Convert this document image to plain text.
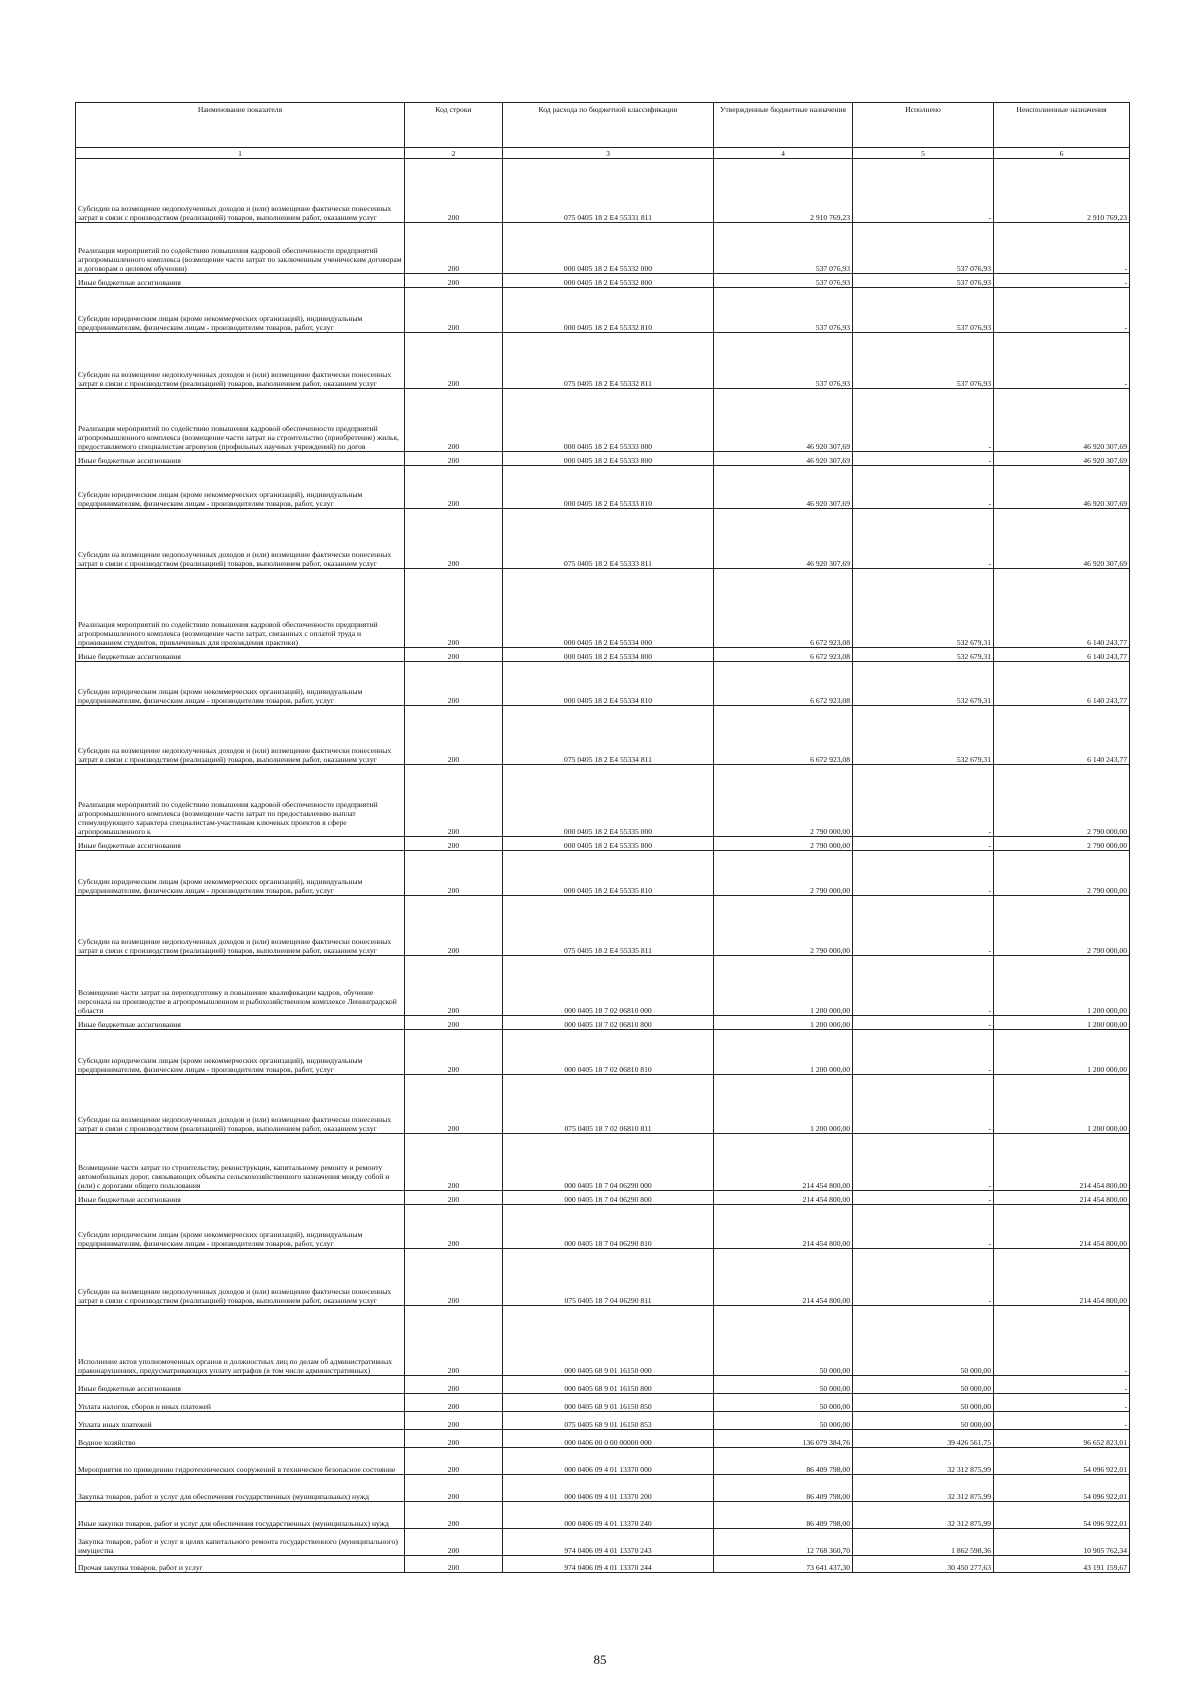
Наименование показателя	Код строки	Код расхода по бюджетной классификации	Утвержденные бюджетные назначения	Исполнено	Неисполненные назначения
1	2	3	4	5	6

Субсидии на возмещение недополученных доходов и (или) возмещение фактически понесенных затрат в связи с производством (реализацией) товаров, выполнением работ, оказанием услуг	200	075 0405 18 2 E4 55331 811	2 910 769,23	-	2 910 769,23

Реализация мероприятий по содействию повышения кадровой обеспеченности предприятий агропромышленного комплекса (возмещение части затрат по заключенным ученическим договорам и договорам о целевом обучении)	200	000 0405 18 2 E4 55332 000	537 076,93	537 076,93	-

Иные бюджетные ассигнования	200	000 0405 18 2 E4 55332 800	537 076,93	537 076,93	-

Субсидии юридическим лицам (кроме некоммерческих организаций), индивидуальным предпринимателям, физическим лицам - производителям товаров, работ, услуг	200	000 0405 18 2 E4 55332 810	537 076,93	537 076,93	-

Субсидии на возмещение недополученных доходов и (или) возмещение фактически понесенных затрат в связи с производством (реализацией) товаров, выполнением работ, оказанием услуг	200	075 0405 18 2 E4 55332 811	537 076,93	537 076,93	-

Реализация мероприятий по содействию повышения кадровой обеспеченности предприятий агропромышленного комплекса (возмещение части затрат на строительство (приобретение) жилья, предоставляемого специалистам агровузов (профильных научных учреждений) по догов	200	000 0405 18 2 E4 55333 000	46 920 307,69	-	46 920 307,69

Иные бюджетные ассигнования	200	000 0405 18 2 E4 55333 800	46 920 307,69	-	46 920 307,69

Субсидии юридическим лицам (кроме некоммерческих организаций), индивидуальным предпринимателям, физическим лицам - производителям товаров, работ, услуг	200	000 0405 18 2 E4 55333 810	46 920 307,69	-	46 920 307,69

Субсидии на возмещение недополученных доходов и (или) возмещение фактически понесенных затрат в связи с производством (реализацией) товаров, выполнением работ, оказанием услуг	200	075 0405 18 2 E4 55333 811	46 920 307,69	-	46 920 307,69

Реализация мероприятий по содействию повышения кадровой обеспеченности предприятий агропромышленного комплекса (возмещение части затрат, связанных с оплатой труда и проживанием студентов, привлеченных для прохождения практики)	200	000 0405 18 2 E4 55334 000	6 672 923,08	532 679,31	6 140 243,77

Иные бюджетные ассигнования	200	000 0405 18 2 E4 55334 800	6 672 923,08	532 679,31	6 140 243,77

Субсидии юридическим лицам (кроме некоммерческих организаций), индивидуальным предпринимателям, физическим лицам - производителям товаров, работ, услуг	200	000 0405 18 2 E4 55334 810	6 672 923,08	532 679,31	6 140 243,77

Субсидии на возмещение недополученных доходов и (или) возмещение фактически понесенных затрат в связи с производством (реализацией) товаров, выполнением работ, оказанием услуг	200	075 0405 18 2 E4 55334 811	6 672 923,08	532 679,31	6 140 243,77

Реализация мероприятий по содействию повышения кадровой обеспеченности предприятий агропромышленного комплекса (возмещение части затрат по предоставлению выплат стимулирующего характера специалистам-участникам ключевых проектов в сфере агропромышленного к	200	000 0405 18 2 E4 55335 000	2 790 000,00	-	2 790 000,00

Иные бюджетные ассигнования	200	000 0405 18 2 E4 55335 800	2 790 000,00	-	2 790 000,00

Субсидии юридическим лицам (кроме некоммерческих организаций), индивидуальным предпринимателям, физическим лицам - производителям товаров, работ, услуг	200	000 0405 18 2 E4 55335 810	2 790 000,00	-	2 790 000,00

Субсидии на возмещение недополученных доходов и (или) возмещение фактически понесенных затрат в связи с производством (реализацией) товаров, выполнением работ, оказанием услуг	200	075 0405 18 2 E4 55335 811	2 790 000,00	-	2 790 000,00

Возмещение части затрат на переподготовку и повышение квалификации кадров, обучение персонала на производстве в агропромышленном и рыбохозяйственном комплексе Ленинградской области	200	000 0405 18 7 02 06810 000	1 200 000,00	-	1 200 000,00

Иные бюджетные ассигнования	200	000 0405 18 7 02 06810 800	1 200 000,00	-	1 200 000,00

Субсидии юридическим лицам (кроме некоммерческих организаций), индивидуальным предпринимателям, физическим лицам - производителям товаров, работ, услуг	200	000 0405 18 7 02 06810 810	1 200 000,00	-	1 200 000,00

Субсидии на возмещение недополученных доходов и (или) возмещение фактически понесенных затрат в связи с производством (реализацией) товаров, выполнением работ, оказанием услуг	200	075 0405 18 7 02 06810 811	1 200 000,00	-	1 200 000,00

Возмещение части затрат по строительству, реконструкции, капитальному ремонту и ремонту автомобильных дорог, связывающих объекты сельскохозяйственного назначения между собой и (или) с дорогами общего пользования	200	000 0405 18 7 04 06290 000	214 454 800,00	-	214 454 800,00

Иные бюджетные ассигнования	200	000 0405 18 7 04 06290 800	214 454 800,00	-	214 454 800,00

Субсидии юридическим лицам (кроме некоммерческих организаций), индивидуальным предпринимателям, физическим лицам - производителям товаров, работ, услуг	200	000 0405 18 7 04 06290 810	214 454 800,00	-	214 454 800,00

Субсидии на возмещение недополученных доходов и (или) возмещение фактически понесенных затрат в связи с производством (реализацией) товаров, выполнением работ, оказанием услуг	200	075 0405 18 7 04 06290 811	214 454 800,00	-	214 454 800,00

Исполнение актов уполномоченных органов и должностных лиц по делам об административных правонарушениях, предусматривающих уплату штрафов (в том числе административных)	200	000 0405 68 9 01 16150 000	50 000,00	50 000,00	-

Иные бюджетные ассигнования	200	000 0405 68 9 01 16150 800	50 000,00	50 000,00	-

Уплата налогов, сборов и иных платежей	200	000 0405 68 9 01 16150 850	50 000,00	50 000,00	-

Уплата иных платежей	200	075 0405 68 9 01 16150 853	50 000,00	50 000,00	-

Водное хозяйство	200	000 0406 00 0 00 00000 000	136 079 384,76	39 426 561,75	96 652 823,01

Мероприятия по приведению гидротехнических сооружений в техническое безопасное состояние	200	000 0406 09 4 01 13370 000	86 409 798,00	32 312 875,99	54 096 922,01

Закупка товаров, работ и услуг для обеспечения государственных (муниципальных) нужд	200	000 0406 09 4 01 13370 200	86 409 798,00	32 312 875,99	54 096 922,01

Иные закупки товаров, работ и услуг для обеспечения государственных (муниципальных) нужд	200	000 0406 09 4 01 13370 240	86 409 798,00	32 312 875,99	54 096 922,01

Закупка товаров, работ и услуг в целях капитального ремонта государственного (муниципального) имущества	200	974 0406 09 4 01 13370 243	12 768 360,70	1 862 598,36	10 905 762,34

Прочая закупка товаров, работ и услуг	200	974 0406 09 4 01 13370 244	73 641 437,30	30 450 277,63	43 191 159,67
85
